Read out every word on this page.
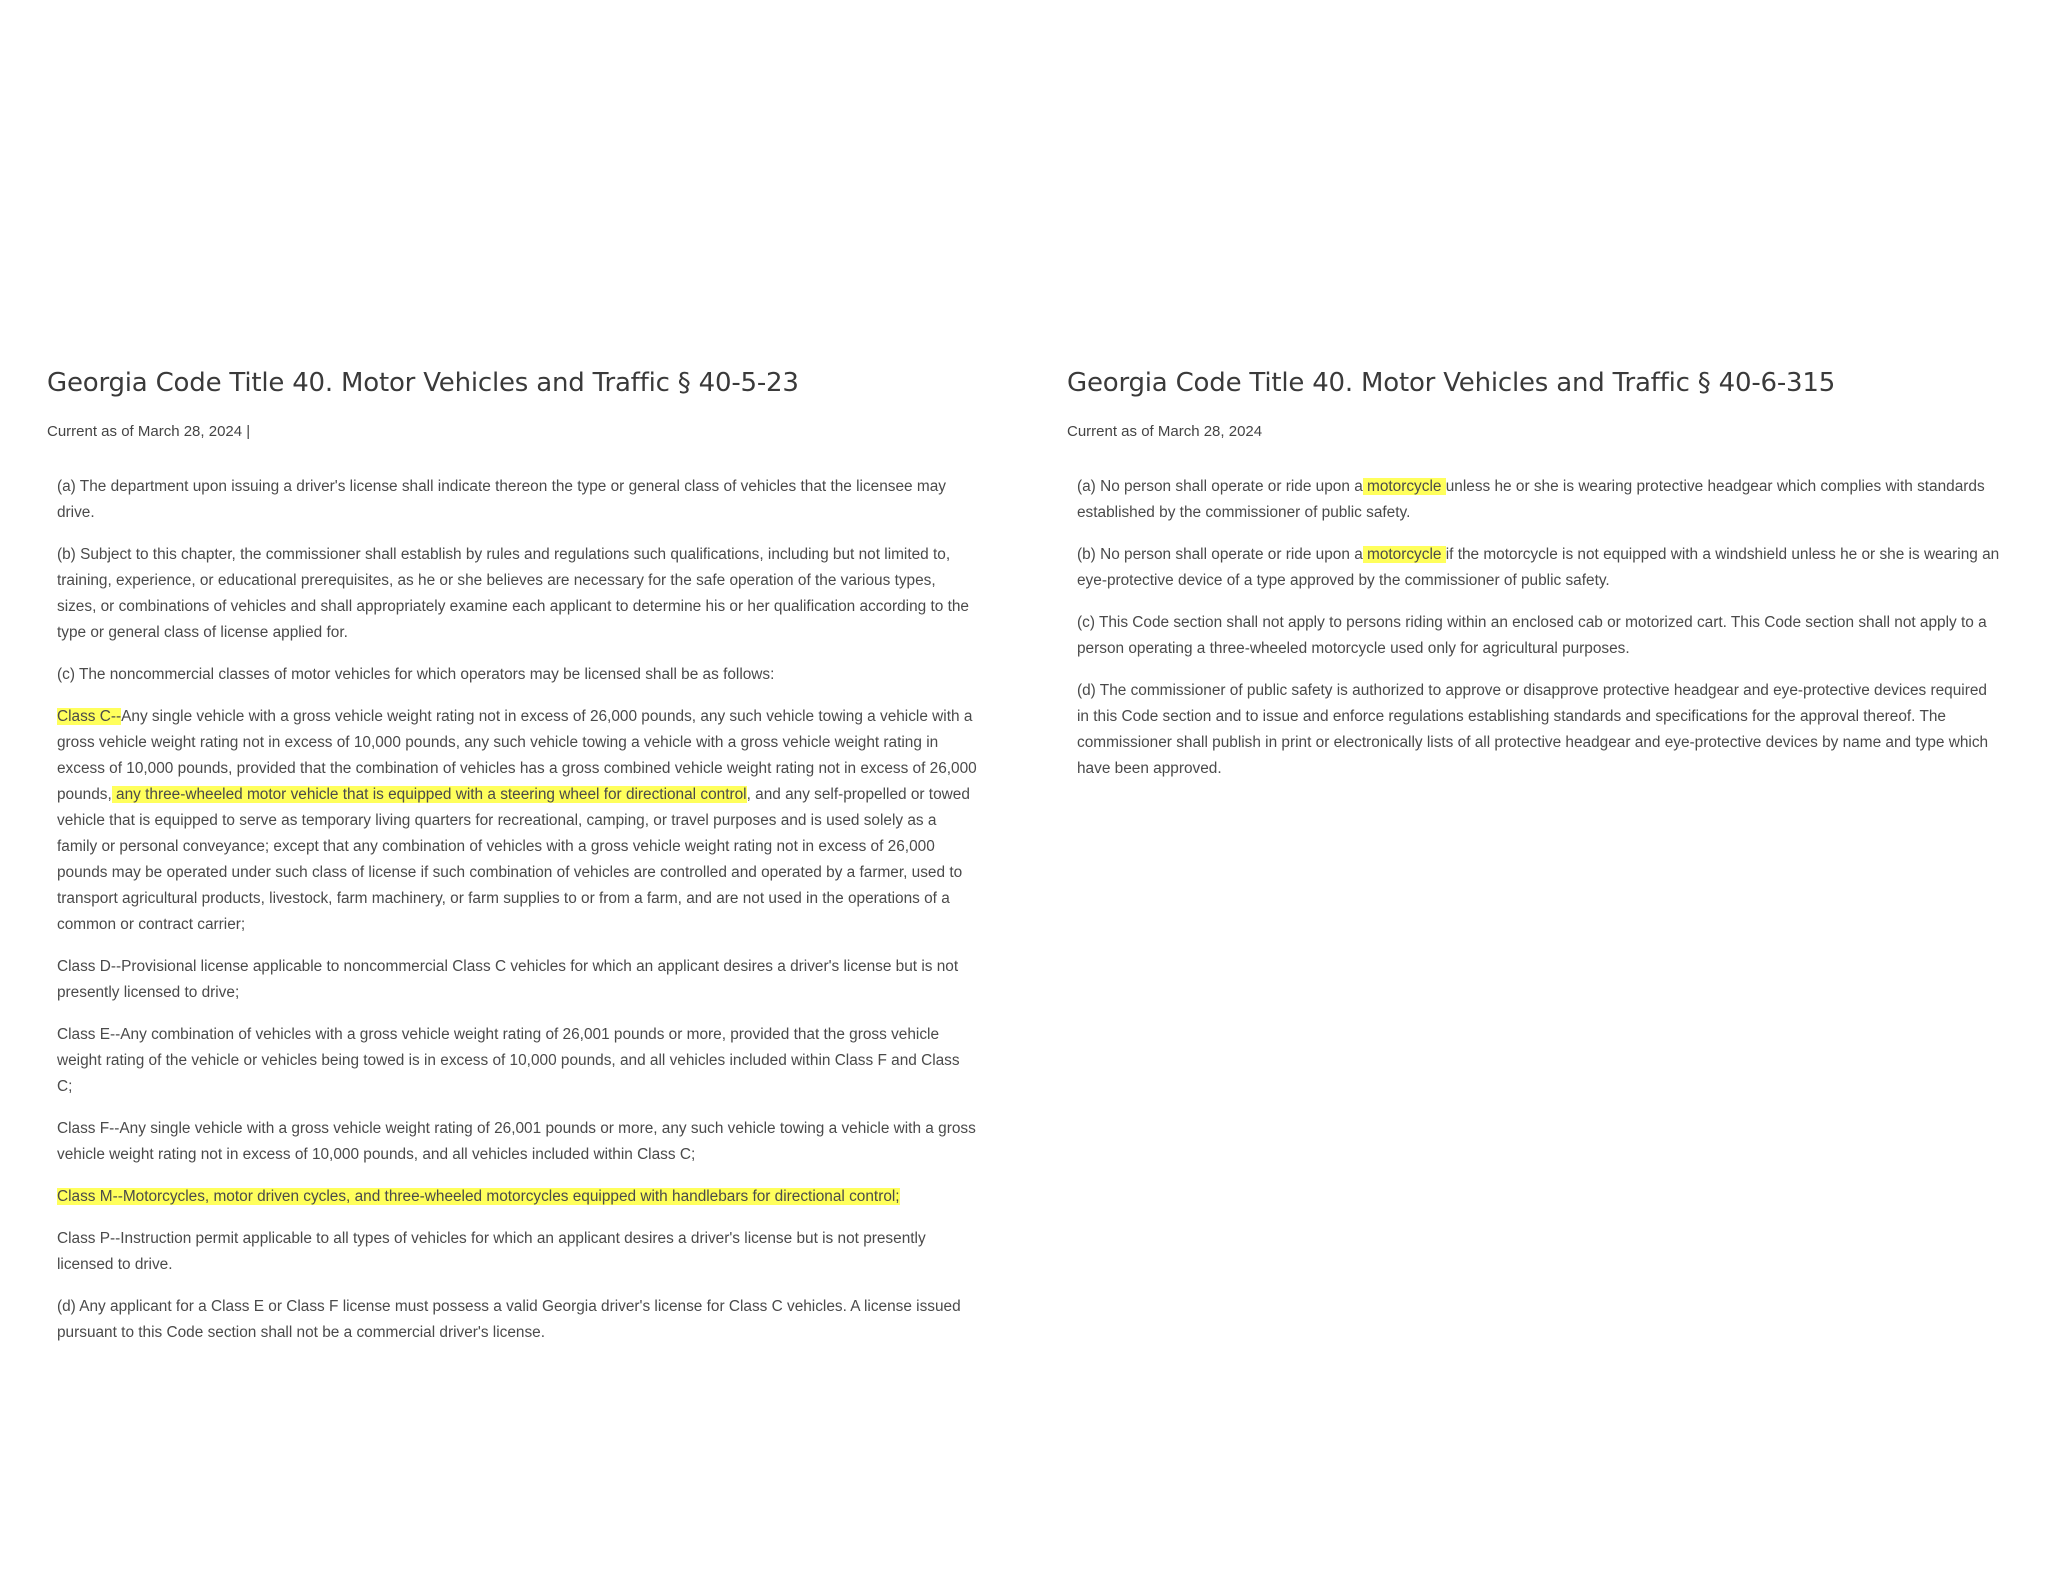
Georgia Code Title 40. Motor Vehicles and Traffic § 40-5-23

Current as of March 28, 2024 |

(a) The department upon issuing a driver's license shall indicate thereon the type or general class of vehicles that the licensee may drive.

(b) Subject to this chapter, the commissioner shall establish by rules and regulations such qualifications, including but not limited to, training, experience, or educational prerequisites, as he or she believes are necessary for the safe operation of the various types, sizes, or combinations of vehicles and shall appropriately examine each applicant to determine his or her qualification according to the type or general class of license applied for.

(c) The noncommercial classes of motor vehicles for which operators may be licensed shall be as follows:

Class C--Any single vehicle with a gross vehicle weight rating not in excess of 26,000 pounds, any such vehicle towing a vehicle with a gross vehicle weight rating not in excess of 10,000 pounds, any such vehicle towing a vehicle with a gross vehicle weight rating in excess of 10,000 pounds, provided that the combination of vehicles has a gross combined vehicle weight rating not in excess of 26,000 pounds, any three-wheeled motor vehicle that is equipped with a steering wheel for directional control, and any self-propelled or towed vehicle that is equipped to serve as temporary living quarters for recreational, camping, or travel purposes and is used solely as a family or personal conveyance; except that any combination of vehicles with a gross vehicle weight rating not in excess of 26,000 pounds may be operated under such class of license if such combination of vehicles are controlled and operated by a farmer, used to transport agricultural products, livestock, farm machinery, or farm supplies to or from a farm, and are not used in the operations of a common or contract carrier;

Class D--Provisional license applicable to noncommercial Class C vehicles for which an applicant desires a driver's license but is not presently licensed to drive;

Class E--Any combination of vehicles with a gross vehicle weight rating of 26,001 pounds or more, provided that the gross vehicle weight rating of the vehicle or vehicles being towed is in excess of 10,000 pounds, and all vehicles included within Class F and Class C;

Class F--Any single vehicle with a gross vehicle weight rating of 26,001 pounds or more, any such vehicle towing a vehicle with a gross vehicle weight rating not in excess of 10,000 pounds, and all vehicles included within Class C;

Class M--Motorcycles, motor driven cycles, and three-wheeled motorcycles equipped with handlebars for directional control;

Class P--Instruction permit applicable to all types of vehicles for which an applicant desires a driver's license but is not presently licensed to drive.

(d) Any applicant for a Class E or Class F license must possess a valid Georgia driver's license for Class C vehicles. A license issued pursuant to this Code section shall not be a commercial driver's license.

Georgia Code Title 40. Motor Vehicles and Traffic § 40-6-315

Current as of March 28, 2024

(a) No person shall operate or ride upon a motorcycle unless he or she is wearing protective headgear which complies with standards established by the commissioner of public safety.

(b) No person shall operate or ride upon a motorcycle if the motorcycle is not equipped with a windshield unless he or she is wearing an eye-protective device of a type approved by the commissioner of public safety.

(c) This Code section shall not apply to persons riding within an enclosed cab or motorized cart. This Code section shall not apply to a person operating a three-wheeled motorcycle used only for agricultural purposes.

(d) The commissioner of public safety is authorized to approve or disapprove protective headgear and eye-protective devices required in this Code section and to issue and enforce regulations establishing standards and specifications for the approval thereof. The commissioner shall publish in print or electronically lists of all protective headgear and eye-protective devices by name and type which have been approved.
